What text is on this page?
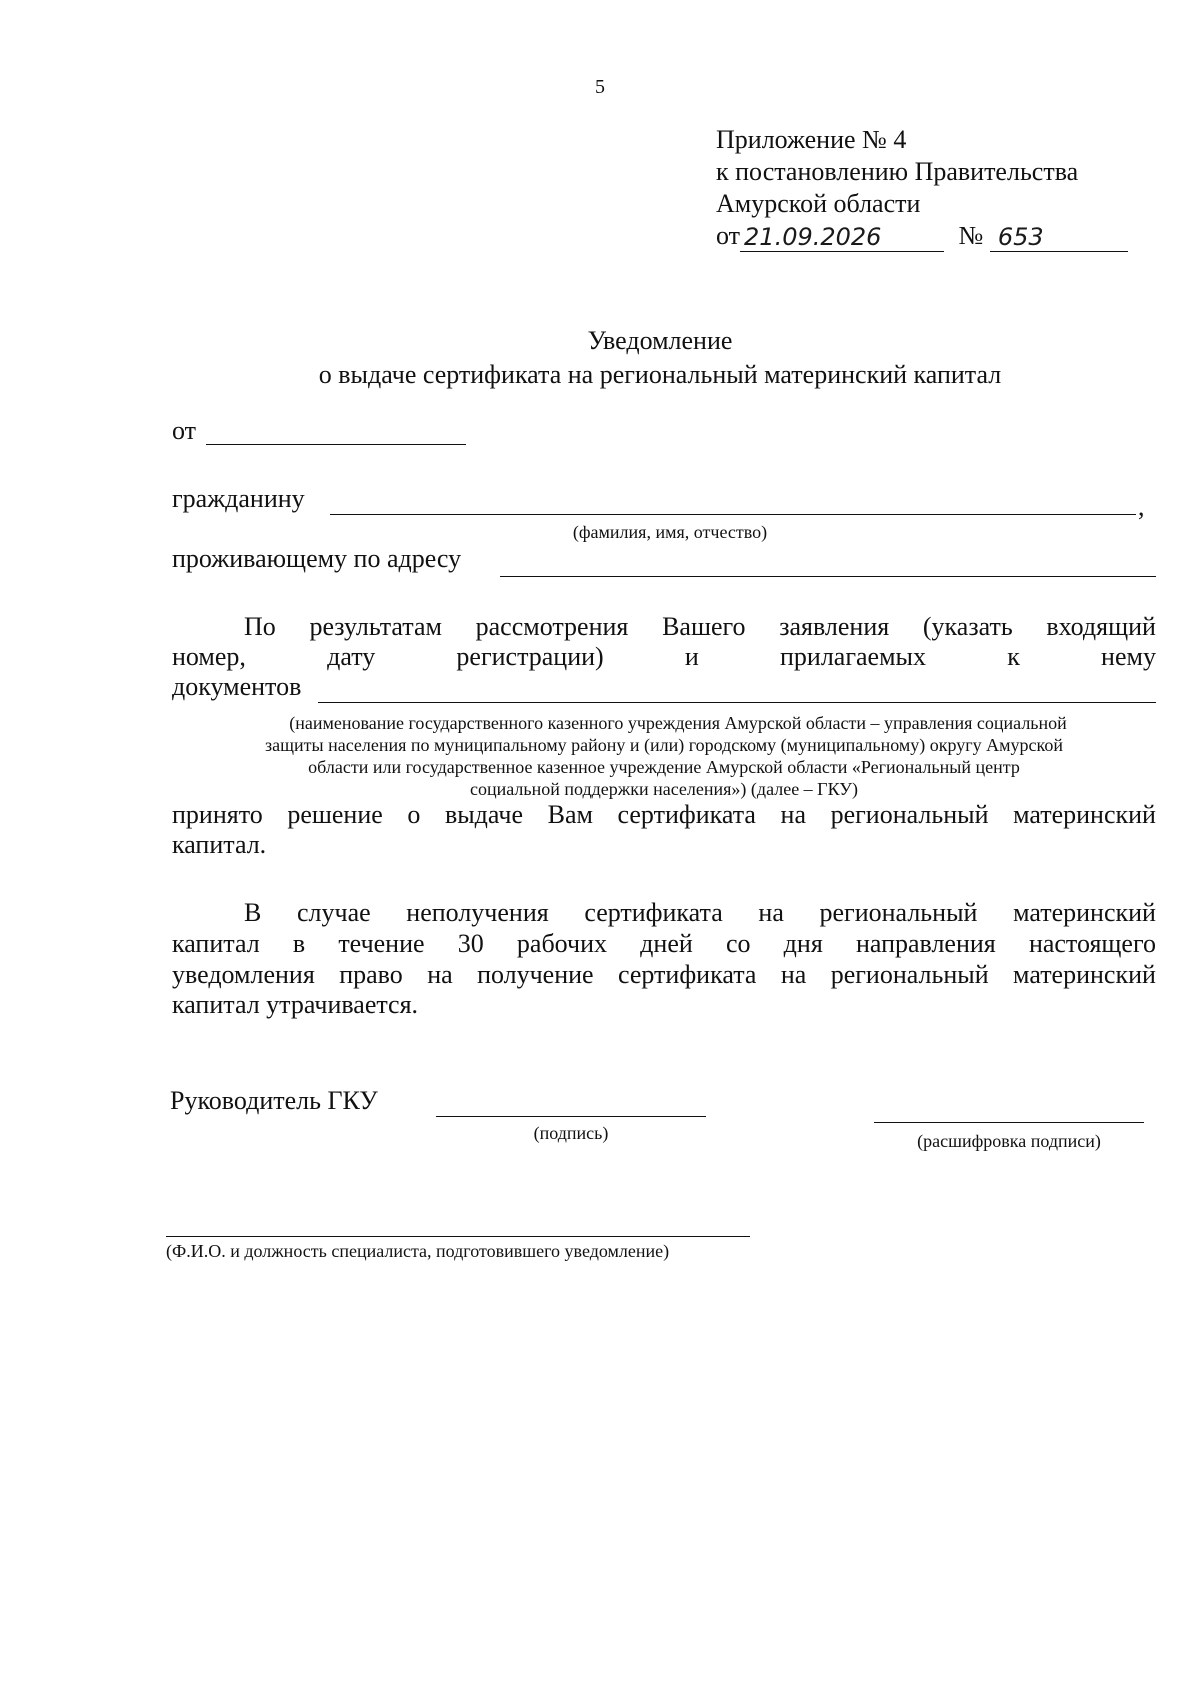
5
Приложение № 4
к постановлению Правительства
Амурской области
от 21.09.2026	№ 653
Уведомление
о выдаче сертификата на региональный материнский капитал
от
гражданину	,
(фамилия, имя, отчество)
проживающему по адресу
По результатам рассмотрения Вашего заявления (указать входящий
номер,	дату	регистрации)	и	прилагаемых	к	нему
документов
(наименование государственного казенного учреждения Амурской области – управления социальной
защиты населения по муниципальному району и (или) городскому (муниципальному) округу Амурской
области или государственное казенное учреждение Амурской области «Региональный центр
социальной поддержки населения») (далее – ГКУ)
принято решение о выдаче Вам сертификата на региональный материнский
капитал.
В случае неполучения сертификата на региональный материнский
капитал в течение 30 рабочих дней со дня направления настоящего
уведомления право на получение сертификата на региональный материнский
капитал утрачивается.
Руководитель ГКУ
(подпись)	(расшифровка подписи)
(Ф.И.О. и должность специалиста, подготовившего уведомление)
